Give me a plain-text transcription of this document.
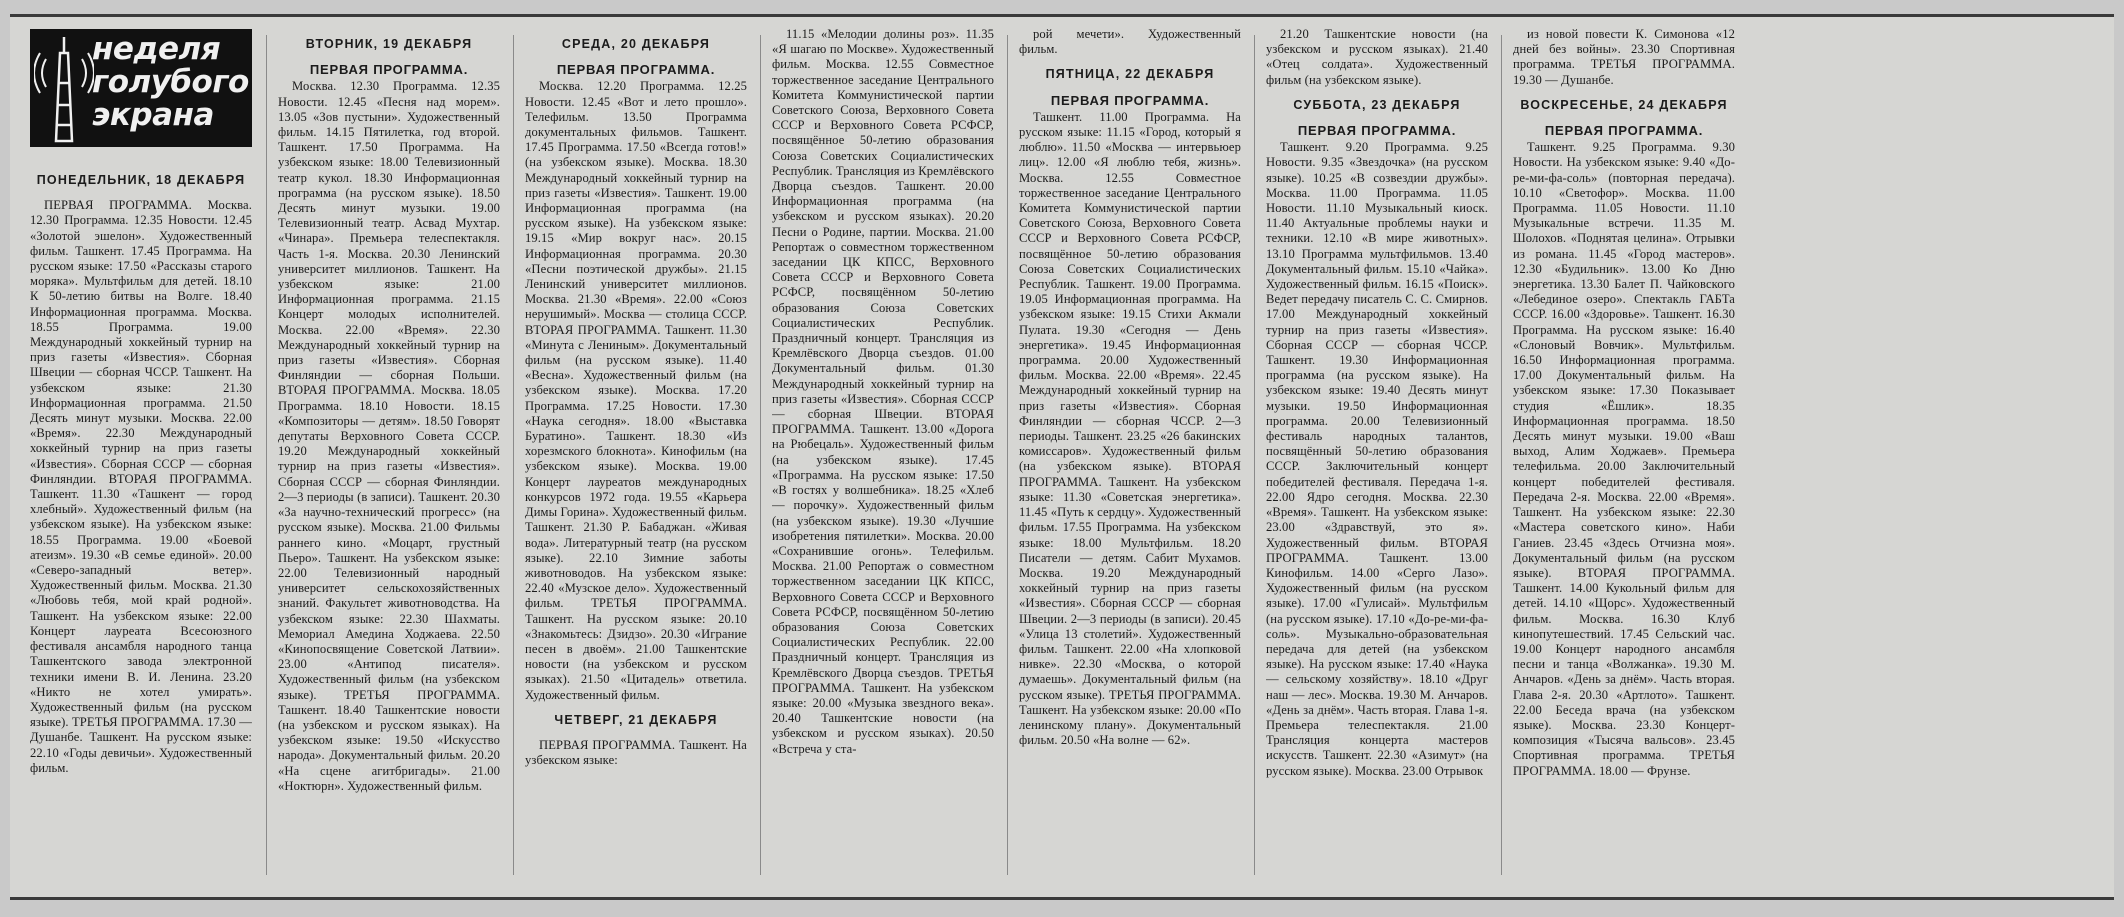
неделя
голубого
экрана
ПОНЕДЕЛЬНИК, 18 ДЕКАБРЯ

ПЕРВАЯ ПРОГРАММА. Москва. 12.30 Программа. 12.35 Новости. 12.45 «Золотой эшелон». Художественный фильм. Ташкент. 17.45 Программа. На русском языке: 17.50 «Рассказы старого моряка». Мультфильм для детей. 18.10 К 50-летию битвы на Волге. 18.40 Информационная программа. Москва. 18.55 Программа. 19.00 Международный хоккейный турнир на приз газеты «Известия». Сборная Швеции — сборная ЧССР. Ташкент. На узбекском языке: 21.30 Информационная программа. 21.50 Десять минут музыки. Москва. 22.00 «Время». 22.30 Международный хоккейный турнир на приз газеты «Известия». Сборная СССР — сборная Финляндии. ВТОРАЯ ПРОГРАММА. Ташкент. 11.30 «Ташкент — город хлебный». Художественный фильм (на узбекском языке). На узбекском языке: 18.55 Программа. 19.00 «Боевой атеизм». 19.30 «В семье единой». 20.00 «Северо-западный ветер». Художественный фильм. Москва. 21.30 «Любовь тебя, мой край родной». Ташкент. На узбекском языке: 22.00 Концерт лауреата Всесоюзного фестиваля ансамбля народного танца Ташкентского завода электронной техники имени В. И. Ленина. 23.20 «Никто не хотел умирать». Художественный фильм (на русском языке). ТРЕТЬЯ ПРОГРАММА. 17.30 — Душанбе. Ташкент. На русском языке: 22.10 «Годы девичьи». Художественный фильм.

ВТОРНИК, 19 ДЕКАБРЯ
ПЕРВАЯ ПРОГРАММА.

Москва. 12.30 Программа. 12.35 Новости. 12.45 «Песня над морем». 13.05 «Зов пустыни». Художественный фильм. 14.15 Пятилетка, год второй. Ташкент. 17.50 Программа. На узбекском языке: 18.00 Телевизионный театр кукол. 18.30 Информационная программа (на русском языке). 18.50 Десять минут музыки. 19.00 Телевизионный театр. Асвад Мухтар. «Чинара». Премьера телеспектакля. Часть 1-я. Москва. 20.30 Ленинский университет миллионов. Ташкент. На узбекском языке: 21.00 Информационная программа. 21.15 Концерт молодых исполнителей. Москва. 22.00 «Время». 22.30 Международный хоккейный турнир на приз газеты «Известия». Сборная Финляндии — сборная Польши. ВТОРАЯ ПРОГРАММА. Москва. 18.05 Программа. 18.10 Новости. 18.15 «Композиторы — детям». 18.50 Говорят депутаты Верховного Совета СССР. 19.20 Международный хоккейный турнир на приз газеты «Известия». Сборная СССР — сборная Финляндии. 2—3 периоды (в записи). Ташкент. 20.30 «За научно-технический прогресс» (на русском языке). Москва. 21.00 Фильмы раннего кино. «Моцарт, грустный Пьеро». Ташкент. На узбекском языке: 22.00 Телевизионный народный университет сельскохозяйственных знаний. Факультет животноводства. На узбекском языке: 22.30 Шахматы. Мемориал Амедина Ходжаева. 22.50 «Кинопосвящение Советской Латвии». 23.00 «Антипод писателя». Художественный фильм (на узбекском языке). ТРЕТЬЯ ПРОГРАММА. Ташкент. 18.40 Ташкентские новости (на узбекском и русском языках). На узбекском языке: 19.50 «Искусство народа». Документальный фильм. 20.20 «На сцене агитбригады». 21.00 «Ноктюрн». Художественный фильм.

СРЕДА, 20 ДЕКАБРЯ
ПЕРВАЯ ПРОГРАММА.

Москва. 12.20 Программа. 12.25 Новости. 12.45 «Вот и лето прошло». Телефильм. 13.50 Программа документальных фильмов. Ташкент. 17.45 Программа. 17.50 «Всегда готов!» (на узбекском языке). Москва. 18.30 Международный хоккейный турнир на приз газеты «Известия». Ташкент. 19.00 Информационная программа (на русском языке). На узбекском языке: 19.15 «Мир вокруг нас». 20.15 Информационная программа. 20.30 «Песни поэтической дружбы». 21.15 Ленинский университет миллионов. Москва. 21.30 «Время». 22.00 «Союз нерушимый». Москва — столица СССР. ВТОРАЯ ПРОГРАММА. Ташкент. 11.30 «Минута с Лениным». Документальный фильм (на русском языке). 11.40 «Весна». Художественный фильм (на узбекском языке). Москва. 17.20 Программа. 17.25 Новости. 17.30 «Наука сегодня». 18.00 «Выставка Буратино». Ташкент. 18.30 «Из хорезмского блокнота». Кинофильм (на узбекском языке). Москва. 19.00 Концерт лауреатов международных конкурсов 1972 года. 19.55 «Карьера Димы Горина». Художественный фильм. Ташкент. 21.30 Р. Бабаджан. «Живая вода». Литературный театр (на русском языке). 22.10 Зимние заботы животноводов. На узбекском языке: 22.40 «Музское дело». Художественный фильм. ТРЕТЬЯ ПРОГРАММА. Ташкент. На русском языке: 20.10 «Знакомьтесь: Дзидзо». 20.30 «Играние песен в двоём». 21.00 Ташкентские новости (на узбекском и русском языках). 21.50 «Цитадель» ответила. Художественный фильм.

ЧЕТВЕРГ, 21 ДЕКАБРЯ

ПЕРВАЯ ПРОГРАММА. Ташкент. На узбекском языке:

11.15 «Мелодии долины роз». 11.35 «Я шагаю по Москве». Художественный фильм. Москва. 12.55 Совместное торжественное заседание Центрального Комитета Коммунистической партии Советского Союза, Верховного Совета СССР и Верховного Совета РСФСР, посвящённое 50-летию образования Союза Советских Социалистических Республик. Трансляция из Кремлёвского Дворца съездов. Ташкент. 20.00 Информационная программа (на узбекском и русском языках). 20.20 Песни о Родине, партии. Москва. 21.00 Репортаж о совместном торжественном заседании ЦК КПСС, Верховного Совета СССР и Верховного Совета РСФСР, посвящённом 50-летию образования Союза Советских Социалистических Республик. Праздничный концерт. Трансляция из Кремлёвского Дворца съездов. 01.00 Документальный фильм. 01.30 Международный хоккейный турнир на приз газеты «Известия». Сборная СССР — сборная Швеции. ВТОРАЯ ПРОГРАММА. Ташкент. 13.00 «Дорога на Рюбецаль». Художественный фильм (на узбекском языке). 17.45 «Программа. На русском языке: 17.50 «В гостях у волшебника». 18.25 «Хлеб — порочку». Художественный фильм (на узбекском языке). 19.30 «Лучшие изобретения пятилетки». Москва. 20.00 «Сохранившие огонь». Телефильм. Москва. 21.00 Репортаж о совместном торжественном заседании ЦК КПСС, Верховного Совета СССР и Верховного Совета РСФСР, посвящённом 50-летию образования Союза Советских Социалистических Республик. 22.00 Праздничный концерт. Трансляция из Кремлёвского Дворца съездов. ТРЕТЬЯ ПРОГРАММА. Ташкент. На узбекском языке: 20.00 «Музыка звездного века». 20.40 Ташкентские новости (на узбекском и русском языках). 20.50 «Встреча у ста-

рой мечети». Художественный фильм.

ПЯТНИЦА, 22 ДЕКАБРЯ
ПЕРВАЯ ПРОГРАММА.

Ташкент. 11.00 Программа. На русском языке: 11.15 «Город, который я люблю». 11.50 «Москва — интервьюер лиц». 12.00 «Я люблю тебя, жизнь». Москва. 12.55 Совместное торжественное заседание Центрального Комитета Коммунистической партии Советского Союза, Верховного Совета СССР и Верховного Совета РСФСР, посвящённое 50-летию образования Союза Советских Социалистических Республик. Ташкент. 19.00 Программа. 19.05 Информационная программа. На узбекском языке: 19.15 Стихи Акмали Пулата. 19.30 «Сегодня — День энергетика». 19.45 Информационная программа. 20.00 Художественный фильм. Москва. 22.00 «Время». 22.45 Международный хоккейный турнир на приз газеты «Известия». Сборная Финляндии — сборная ЧССР. 2—3 периоды. Ташкент. 23.25 «26 бакинских комиссаров». Художественный фильм (на узбекском языке). ВТОРАЯ ПРОГРАММА. Ташкент. На узбекском языке: 11.30 «Советская энергетика». 11.45 «Путь к сердцу». Художественный фильм. 17.55 Программа. На узбекском языке: 18.00 Мультфильм. 18.20 Писатели — детям. Сабит Мухамов. Москва. 19.20 Международный хоккейный турнир на приз газеты «Известия». Сборная СССР — сборная Швеции. 2—3 периоды (в записи). 20.45 «Улица 13 столетий». Художественный фильм. Ташкент. 22.00 «На хлопковой нивке». 22.30 «Москва, о которой думаешь». Документальный фильм (на русском языке). ТРЕТЬЯ ПРОГРАММА. Ташкент. На узбекском языке: 20.00 «По ленинскому плану». Документальный фильм. 20.50 «На волне — 62».

21.20 Ташкентские новости (на узбекском и русском языках). 21.40 «Отец солдата». Художественный фильм (на узбекском языке).

СУББОТА, 23 ДЕКАБРЯ
ПЕРВАЯ ПРОГРАММА.

Ташкент. 9.20 Программа. 9.25 Новости. 9.35 «Звездочка» (на русском языке). 10.25 «В созвездии дружбы». Москва. 11.00 Программа. 11.05 Новости. 11.10 Музыкальный киоск. 11.40 Актуальные проблемы науки и техники. 12.10 «В мире животных». 13.10 Программа мультфильмов. 13.40 Документальный фильм. 15.10 «Чайка». Художественный фильм. 16.15 «Поиск». Ведет передачу писатель С. С. Смирнов. 17.00 Международный хоккейный турнир на приз газеты «Известия». Сборная СССР — сборная ЧССР. Ташкент. 19.30 Информационная программа (на русском языке). На узбекском языке: 19.40 Десять минут музыки. 19.50 Информационная программа. 20.00 Телевизионный фестиваль народных талантов, посвящённый 50-летию образования СССР. Заключительный концерт победителей фестиваля. Передача 1-я. 22.00 Ядро сегодня. Москва. 22.30 «Время». Ташкент. На узбекском языке: 23.00 «Здравствуй, это я». Художественный фильм. ВТОРАЯ ПРОГРАММА. Ташкент. 13.00 Кинофильм. 14.00 «Серго Лазо». Художественный фильм (на русском языке). 17.00 «Гулисай». Мультфильм (на русском языке). 17.10 «До-ре-ми-фа-соль». Музыкально-образовательная передача для детей (на узбекском языке). На русском языке: 17.40 «Наука — сельскому хозяйству». 18.10 «Друг наш — лес». Москва. 19.30 М. Анчаров. «День за днём». Часть вторая. Глава 1-я. Премьера телеспектакля. 21.00 Трансляция концерта мастеров искусств. Ташкент. 22.30 «Азимут» (на русском языке). Москва. 23.00 Отрывок

из новой повести К. Симонова «12 дней без войны». 23.30 Спортивная программа. ТРЕТЬЯ ПРОГРАММА. 19.30 — Душанбе.

ВОСКРЕСЕНЬЕ, 24 ДЕКАБРЯ
ПЕРВАЯ ПРОГРАММА.

Ташкент. 9.25 Программа. 9.30 Новости. На узбекском языке: 9.40 «До-ре-ми-фа-соль» (повторная передача). 10.10 «Светофор». Москва. 11.00 Программа. 11.05 Новости. 11.10 Музыкальные встречи. 11.35 М. Шолохов. «Поднятая целина». Отрывки из романа. 11.45 «Город мастеров». 12.30 «Будильник». 13.00 Ко Дню энергетика. 13.30 Балет П. Чайковского «Лебединое озеро». Спектакль ГАБТа СССР. 16.00 «Здоровье». Ташкент. 16.30 Программа. На русском языке: 16.40 «Слоновый Вовчик». Мультфильм. 16.50 Информационная программа. 17.00 Документальный фильм. На узбекском языке: 17.30 Показывает студия «Ёшлик». 18.35 Информационная программа. 18.50 Десять минут музыки. 19.00 «Ваш выход, Алим Ходжаев». Премьера телефильма. 20.00 Заключительный концерт победителей фестиваля. Передача 2-я. Москва. 22.00 «Время». Ташкент. На узбекском языке: 22.30 «Мастера советского кино». Наби Ганиев. 23.45 «Здесь Отчизна моя». Документальный фильм (на русском языке). ВТОРАЯ ПРОГРАММА. Ташкент. 14.00 Кукольный фильм для детей. 14.10 «Щорс». Художественный фильм. Москва. 16.30 Клуб кинопутешествий. 17.45 Сельский час. 19.00 Концерт народного ансамбля песни и танца «Волжанка». 19.30 М. Анчаров. «День за днём». Часть вторая. Глава 2-я. 20.30 «Артлото». Ташкент. 22.00 Беседа врача (на узбекском языке). Москва. 23.30 Концерт-композиция «Тысяча вальсов». 23.45 Спортивная программа. ТРЕТЬЯ ПРОГРАММА. 18.00 — Фрунзе.
